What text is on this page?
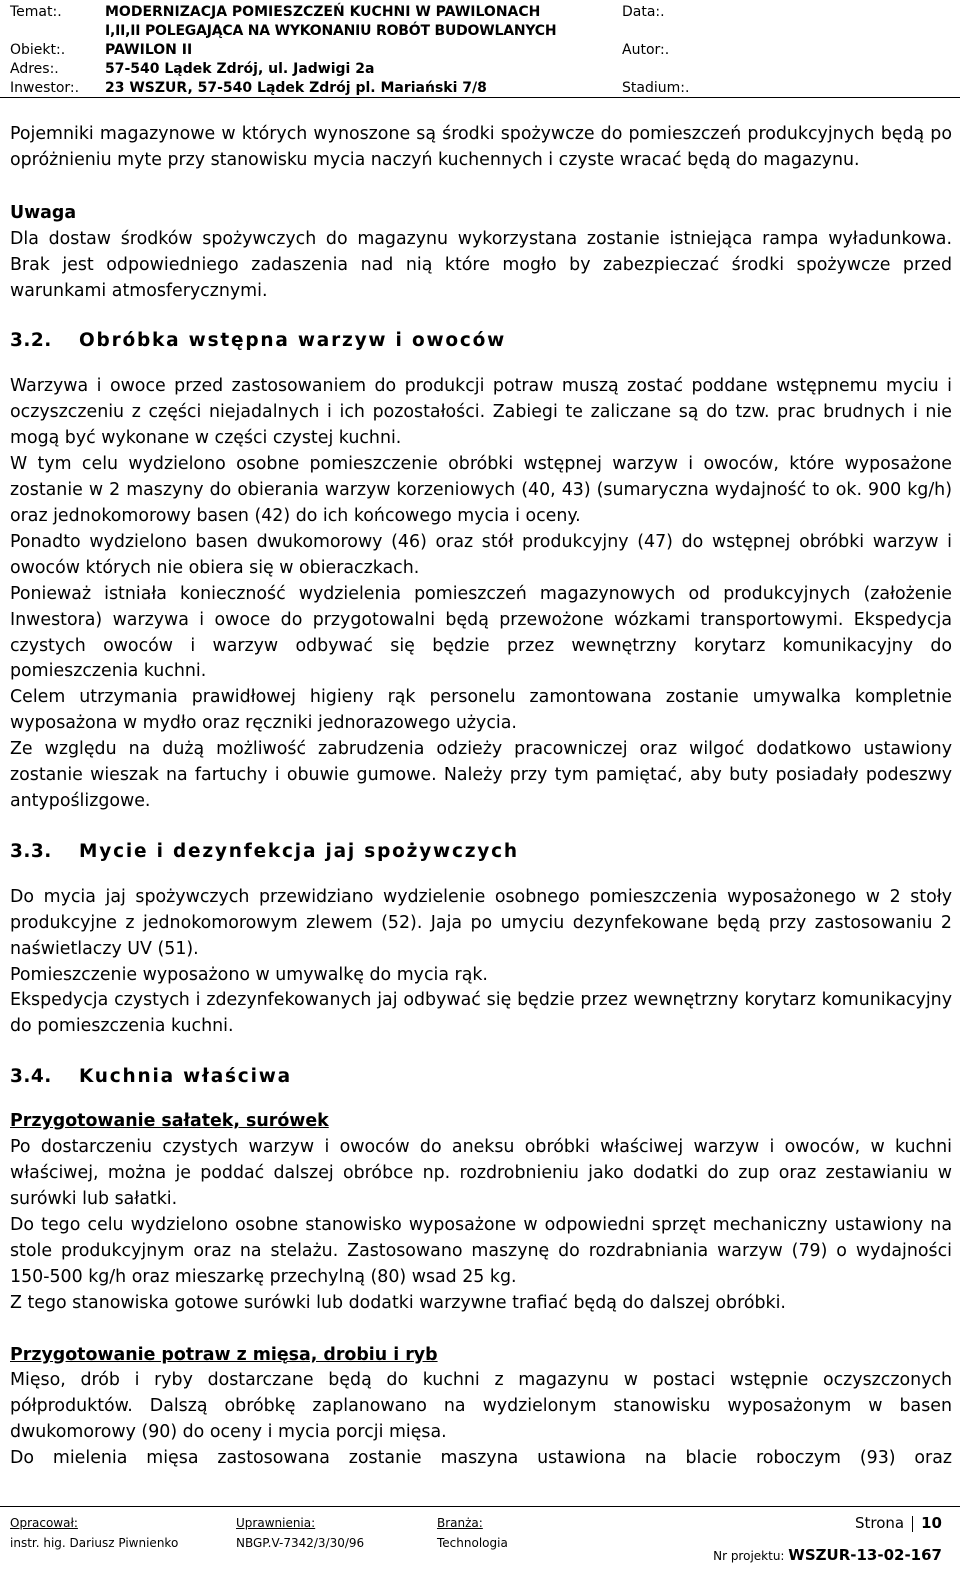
Temat:.	MODERNIZACJA POMIESZCZEŃ KUCHNI W PAWILONACH	Data:.
I,II,II POLEGAJĄCA NA WYKONANIU ROBÓT BUDOWLANYCH
Obiekt:.	PAWILON II	Autor:.
Adres:.	57-540 Lądek Zdrój, ul. Jadwigi 2a
Inwestor:. 23 WSZUR, 57-540 Lądek Zdrój pl. Mariański 7/8	Stadium:.

Pojemniki magazynowe w których wynoszone są środki spożywcze do pomieszczeń produkcyjnych będą po opróżnieniu myte przy stanowisku mycia naczyń kuchennych i czyste wracać będą do magazynu.

Uwaga

Dla dostaw środków spożywczych do magazynu wykorzystana zostanie istniejąca rampa wyładunkowa. Brak jest odpowiedniego zadaszenia nad nią które mogło by zabezpieczać środki spożywcze przed warunkami atmosferycznymi.

3.2. Obróbka wstępna warzyw i owoców

Warzywa i owoce przed zastosowaniem do produkcji potraw muszą zostać poddane wstępnemu myciu i oczyszczeniu z części niejadalnych i ich pozostałości. Zabiegi te zaliczane są do tzw. prac brudnych i nie mogą być wykonane w części czystej kuchni.

W tym celu wydzielono osobne pomieszczenie obróbki wstępnej warzyw i owoców, które wyposażone zostanie w 2 maszyny do obierania warzyw korzeniowych (40, 43) (sumaryczna wydajność to ok. 900 kg/h) oraz jednokomorowy basen (42) do ich końcowego mycia i oceny.

Ponadto wydzielono basen dwukomorowy (46) oraz stół produkcyjny (47) do wstępnej obróbki warzyw i owoców których nie obiera się w obieraczkach.

Ponieważ istniała konieczność wydzielenia pomieszczeń magazynowych od produkcyjnych (założenie Inwestora) warzywa i owoce do przygotowalni będą przewożone wózkami transportowymi. Ekspedycja czystych owoców i warzyw odbywać się będzie przez wewnętrzny korytarz komunikacyjny do pomieszczenia kuchni.

Celem utrzymania prawidłowej higieny rąk personelu zamontowana zostanie umywalka kompletnie wyposażona w mydło oraz ręczniki jednorazowego użycia.

Ze względu na dużą możliwość zabrudzenia odzieży pracowniczej oraz wilgoć dodatkowo ustawiony zostanie wieszak na fartuchy i obuwie gumowe. Należy przy tym pamiętać, aby buty posiadały podeszwy antypoślizgowe.

3.3. Mycie i dezynfekcja jaj spożywczych

Do mycia jaj spożywczych przewidziano wydzielenie osobnego pomieszczenia wyposażonego w 2 stoły produkcyjne z jednokomorowym zlewem (52). Jaja po umyciu dezynfekowane będą przy zastosowaniu 2 naświetlaczy UV (51).

Pomieszczenie wyposażono w umywalkę do mycia rąk.

Ekspedycja czystych i zdezynfekowanych jaj odbywać się będzie przez wewnętrzny korytarz komunikacyjny do pomieszczenia kuchni.

3.4. Kuchnia właściwa
Przygotowanie sałatek, surówek

Po dostarczeniu czystych warzyw i owoców do aneksu obróbki właściwej warzyw i owoców, w kuchni właściwej, można je poddać dalszej obróbce np. rozdrobnieniu jako dodatki do zup oraz zestawianiu w surówki lub sałatki.

Do tego celu wydzielono osobne stanowisko wyposażone w odpowiedni sprzęt mechaniczny ustawiony na stole produkcyjnym oraz na stelażu. Zastosowano maszynę do rozdrabniania warzyw (79) o wydajności 150-500 kg/h oraz mieszarkę przechylną (80) wsad 25 kg.

Z tego stanowiska gotowe surówki lub dodatki warzywne trafiać będą do dalszej obróbki.

Przygotowanie potraw z mięsa, drobiu i ryb

Mięso, drób i ryby dostarczane będą do kuchni z magazynu w postaci wstępnie oczyszczonych półproduktów. Dalszą obróbkę zaplanowano na wydzielonym stanowisku wyposażonym w basen dwukomorowy (90) do oceny i mycia porcji mięsa.

Do mielenia mięsa zastosowana zostanie maszyna ustawiona na blacie roboczym (93) oraz

Opracował:
instr. hig. Dariusz Piwnienko
Uprawnienia:
NBGP.V-7342/3/30/96
Branża:
Technologia
Strona 10
Nr projektu: WSZUR-13-02-167
